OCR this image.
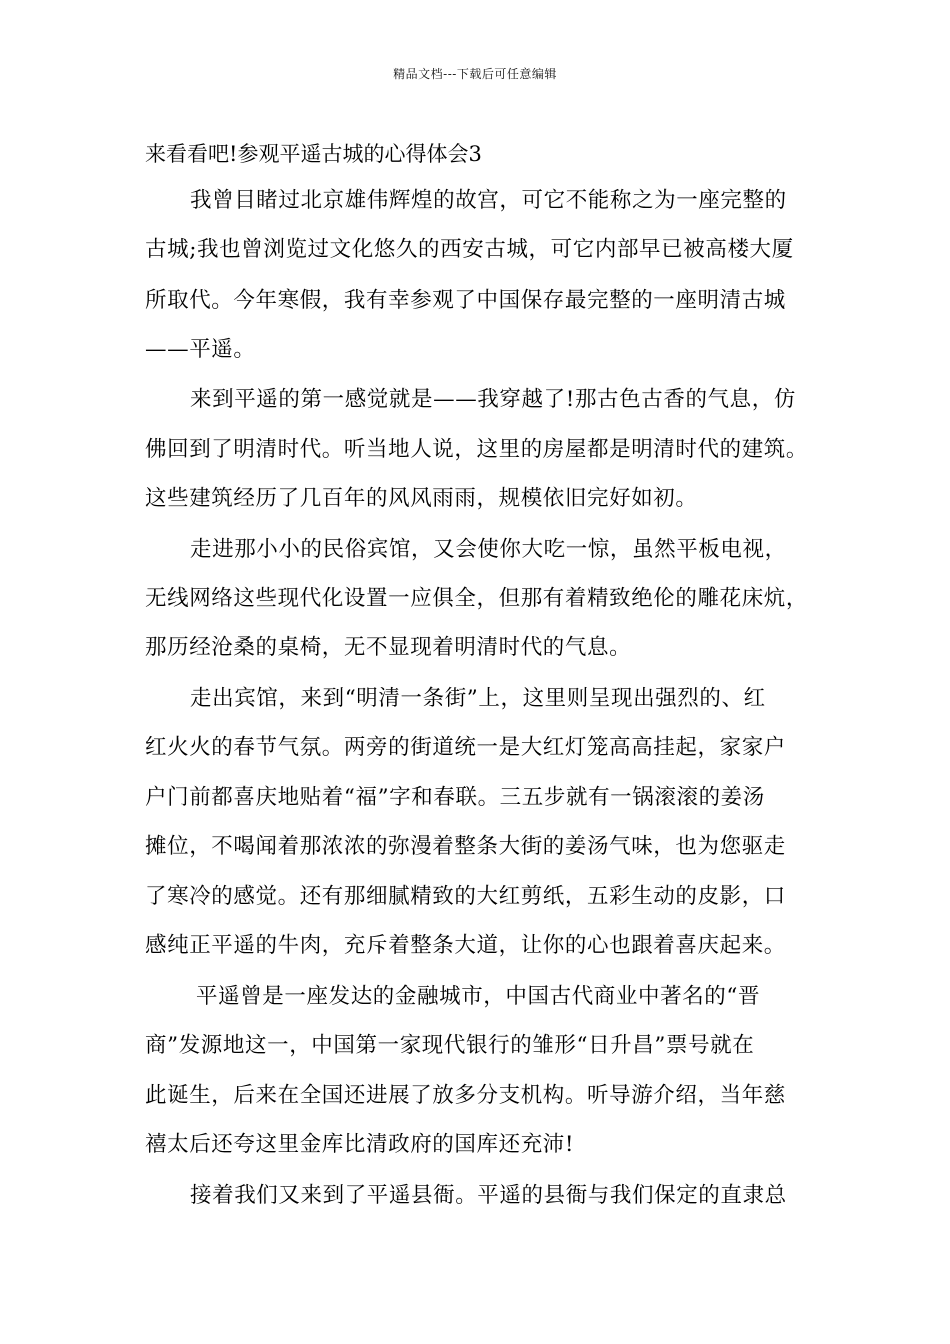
精品文档---下载后可任意编辑
来看看吧!参观平遥古城的心得体会3
我曾目睹过北京雄伟辉煌的故宫，可它不能称之为一座完整的
古城;我也曾浏览过文化悠久的西安古城，可它内部早已被高楼大厦
所取代。今年寒假，我有幸参观了中国保存最完整的一座明清古城
——平遥。
来到平遥的第一感觉就是——我穿越了!那古色古香的气息，仿
佛回到了明清时代。听当地人说，这里的房屋都是明清时代的建筑。
这些建筑经历了几百年的风风雨雨，规模依旧完好如初。
走进那小小的民俗宾馆，又会使你大吃一惊，虽然平板电视，
无线网络这些现代化设置一应俱全，但那有着精致绝伦的雕花床炕，
那历经沧桑的桌椅，无不显现着明清时代的气息。
走出宾馆，来到“明清一条街”上，这里则呈现出强烈的、红
红火火的春节气氛。两旁的街道统一是大红灯笼高高挂起，家家户
户门前都喜庆地贴着“福”字和春联。三五步就有一锅滚滚的姜汤
摊位，不喝闻着那浓浓的弥漫着整条大街的姜汤气味，也为您驱走
了寒冷的感觉。还有那细腻精致的大红剪纸，五彩生动的皮影，口
感纯正平遥的牛肉，充斥着整条大道，让你的心也跟着喜庆起来。
平遥曾是一座发达的金融城市，中国古代商业中著名的“晋
商”发源地这一，中国第一家现代银行的雏形“日升昌”票号就在
此诞生，后来在全国还进展了放多分支机构。听导游介绍，当年慈
禧太后还夸这里金库比清政府的国库还充沛!
接着我们又来到了平遥县衙。平遥的县衙与我们保定的直隶总
